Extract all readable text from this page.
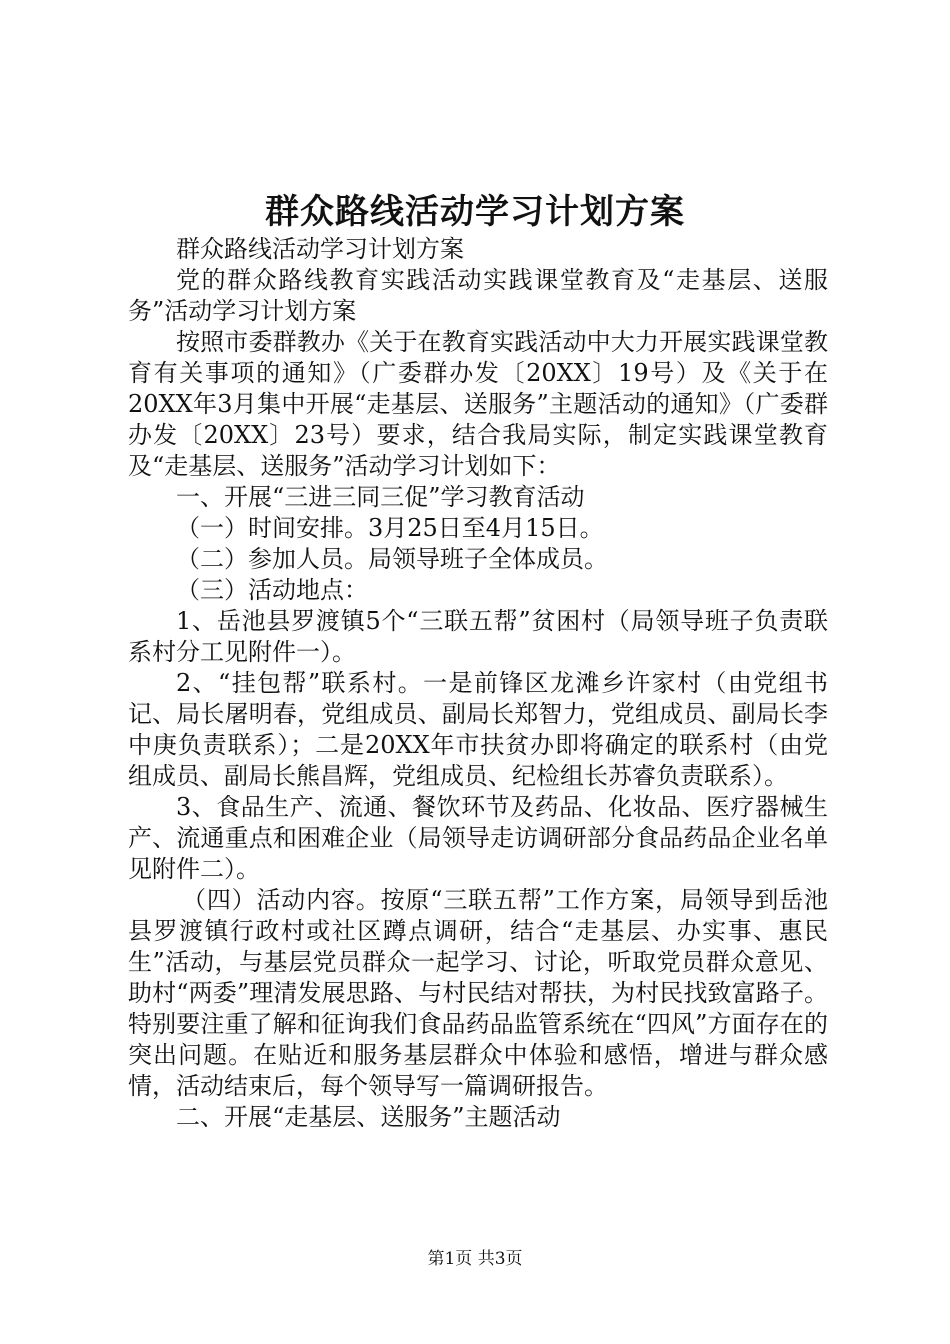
群众路线活动学习计划方案

群众路线活动学习计划方案

党的群众路线教育实践活动实践课堂教育及“走基层、送服务”活动学习计划方案

按照市委群教办《关于在教育实践活动中大力开展实践课堂教育有关事项的通知》（广委群办发〔20XX〕19号）及《关于在20XX年3月集中开展“走基层、送服务”主题活动的通知》（广委群办发〔20XX〕23号）要求，结合我局实际，制定实践课堂教育及“走基层、送服务”活动学习计划如下：

一、开展“三进三同三促”学习教育活动

（一）时间安排。3月25日至4月15日。

（二）参加人员。局领导班子全体成员。

（三）活动地点：

1、岳池县罗渡镇5个“三联五帮”贫困村（局领导班子负责联系村分工见附件一）。

2、“挂包帮”联系村。一是前锋区龙滩乡许家村（由党组书记、局长屠明春，党组成员、副局长郑智力，党组成员、副局长李中庚负责联系）；二是20XX年市扶贫办即将确定的联系村（由党组成员、副局长熊昌辉，党组成员、纪检组长苏睿负责联系）。

3、食品生产、流通、餐饮环节及药品、化妆品、医疗器械生产、流通重点和困难企业（局领导走访调研部分食品药品企业名单见附件二）。

（四）活动内容。按原“三联五帮”工作方案，局领导到岳池县罗渡镇行政村或社区蹲点调研，结合“走基层、办实事、惠民生”活动，与基层党员群众一起学习、讨论，听取党员群众意见、助村“两委”理清发展思路、与村民结对帮扶，为村民找致富路子。特别要注重了解和征询我们食品药品监管系统在“四风”方面存在的突出问题。在贴近和服务基层群众中体验和感悟，增进与群众感情，活动结束后，每个领导写一篇调研报告。

二、开展“走基层、送服务”主题活动

第1页 共3页
